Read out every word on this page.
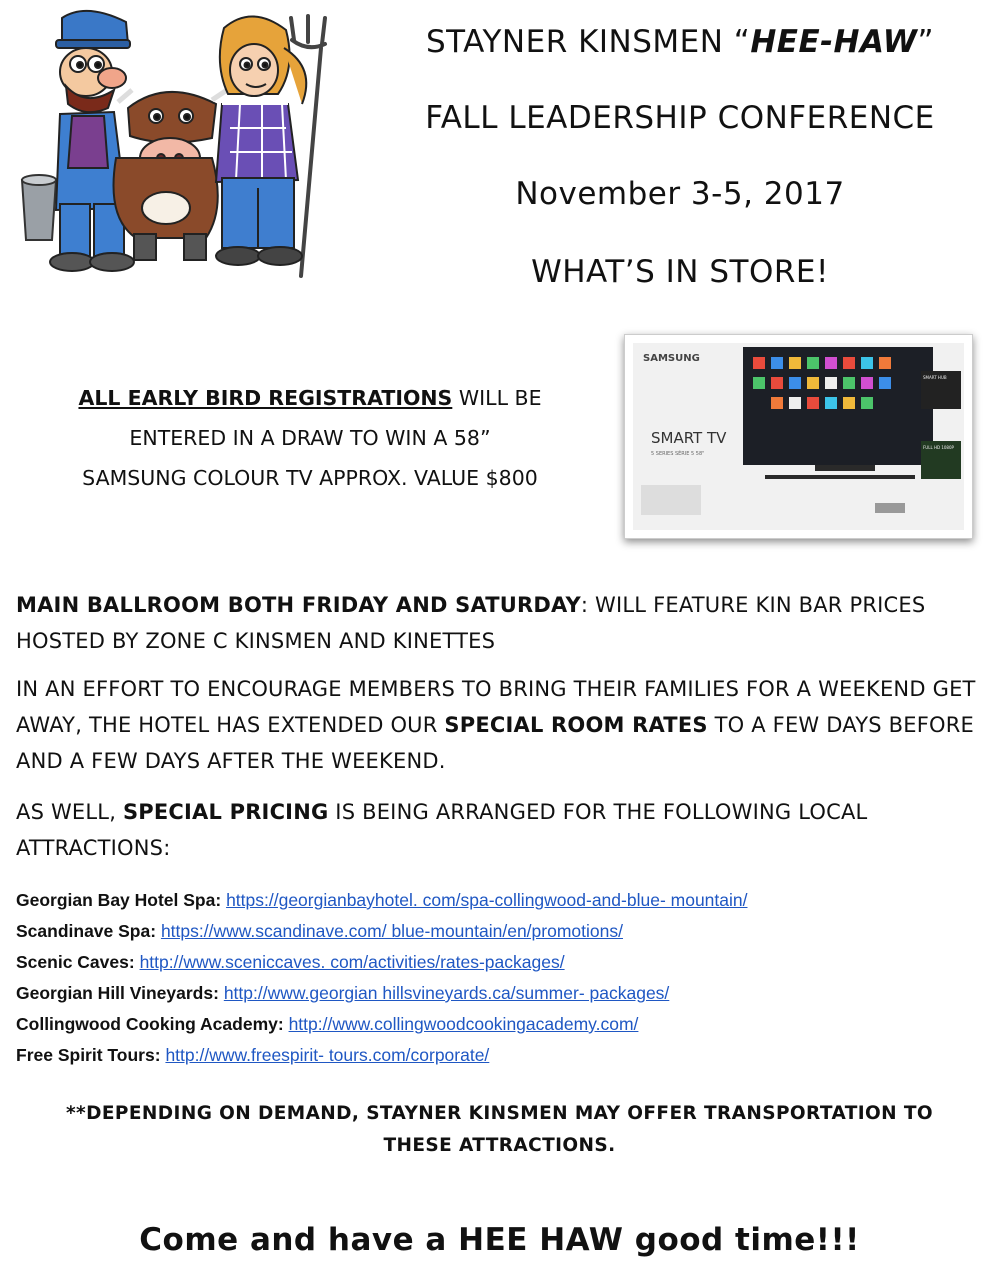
STAYNER KINSMEN “HEE-HAW”
FALL LEADERSHIP CONFERENCE
November 3-5, 2017
WHAT’S IN STORE!
ALL EARLY BIRD REGISTRATIONS WILL BE
ENTERED IN A DRAW TO WIN A 58”
SAMSUNG COLOUR TV APPROX. VALUE $800
SAMSUNG
SMART TV
5 SERIES SÉRIE 5 58"
SMART HUB
FULL HD 1080P
MAIN BALLROOM BOTH FRIDAY AND SATURDAY: WILL FEATURE KIN BAR PRICES HOSTED BY ZONE C KINSMEN AND KINETTES
IN AN EFFORT TO ENCOURAGE MEMBERS TO BRING THEIR FAMILIES FOR A WEEKEND GET AWAY, THE HOTEL HAS EXTENDED OUR SPECIAL ROOM RATES TO A FEW DAYS BEFORE AND A FEW DAYS AFTER THE WEEKEND.
AS WELL, SPECIAL PRICING IS BEING ARRANGED FOR THE FOLLOWING LOCAL ATTRACTIONS:
Georgian Bay Hotel Spa: https://georgianbayhotel. com/spa-collingwood-and-blue- mountain/
Scandinave Spa: https://www.scandinave.com/ blue-mountain/en/promotions/
Scenic Caves: http://www.sceniccaves. com/activities/rates-packages/
Georgian Hill Vineyards: http://www.georgian hillsvineyards.ca/summer- packages/
Collingwood Cooking Academy: http://www.collingwoodcookingacademy.com/
Free Spirit Tours: http://www.freespirit- tours.com/corporate/
**DEPENDING ON DEMAND, STAYNER KINSMEN MAY OFFER TRANSPORTATION TO
THESE ATTRACTIONS.
Come and have a HEE HAW good time!!!
